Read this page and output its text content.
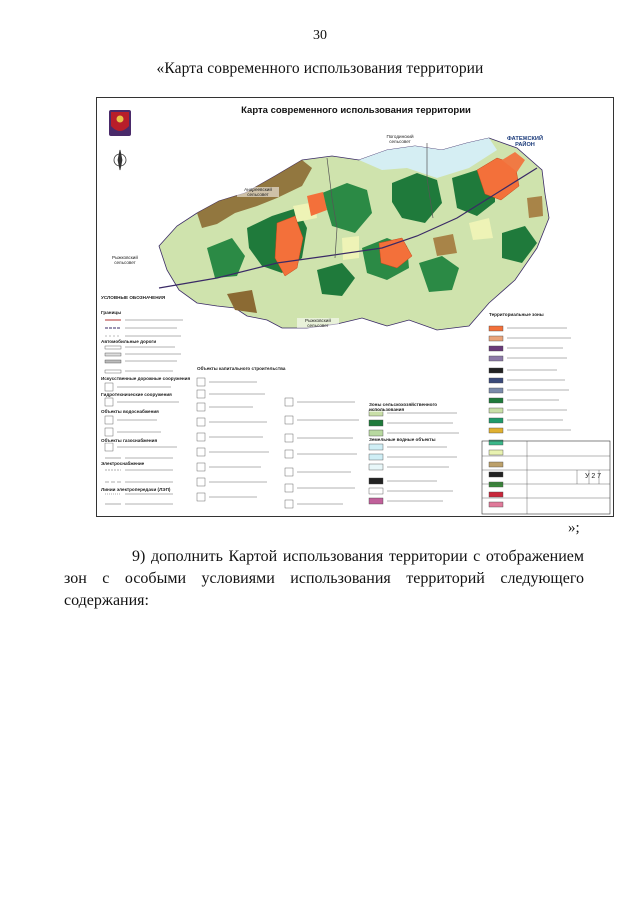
30
«Карта современного использования территории
Карта современного использования территории
Андреевский сельсовет
Погодинский сельсовет	ФАТЕЖСКИЙ РАЙОН
Рыжковский сельсовет
Рыжковский сельсовет
УСЛОВНЫЕ ОБОЗНАЧЕНИЯ
Границы
Автомобильные дороги
Искусственные дорожные сооружения
Гидротехнические сооружения
Объекты водоснабжения
Объекты газоснабжения
Электроснабжение
Линии электропередачи (ЛЭП)
Объекты капитального строительства
Территориальные зоны
Земельные водные объекты
Зоны сельскохозяйственного использования
У 2 7
»;
9) дополнить Картой использования территории с отображением зон с особыми условиями использования территорий следующего содержания:
